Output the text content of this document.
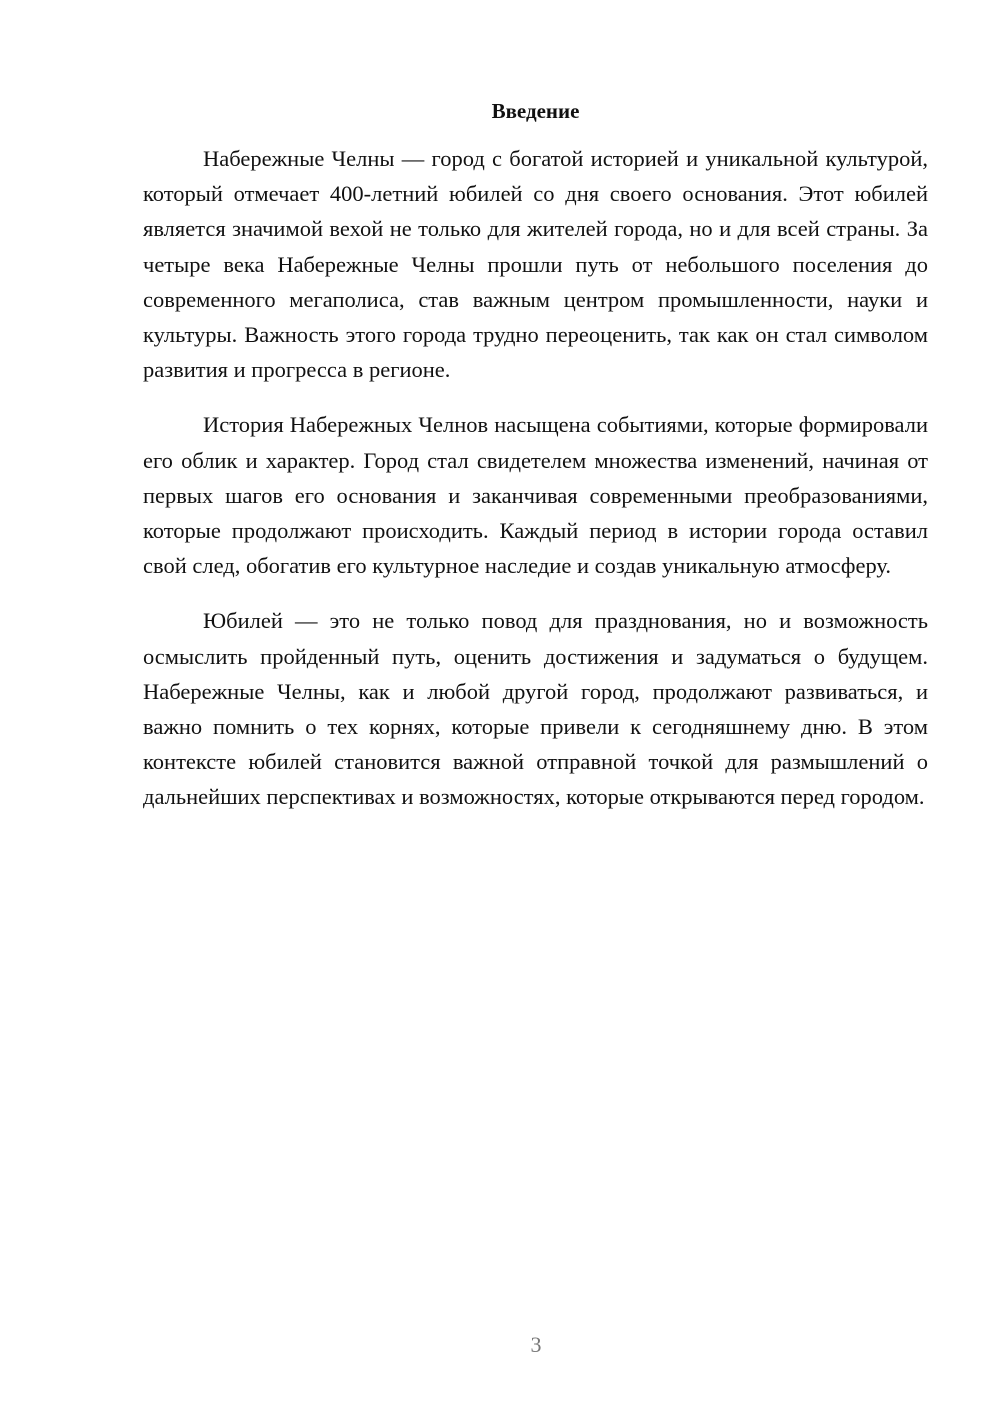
Введение

Набережные Челны — город с богатой историей и уникальной культурой, который отмечает 400-летний юбилей со дня своего основания. Этот юбилей является значимой вехой не только для жителей города, но и для всей страны. За четыре века Набережные Челны прошли путь от небольшого поселения до современного мегаполиса, став важным центром промышленности, науки и культуры. Важность этого города трудно переоценить, так как он стал символом развития и прогресса в регионе.

История Набережных Челнов насыщена событиями, которые формировали его облик и характер. Город стал свидетелем множества изменений, начиная от первых шагов его основания и заканчивая современными преобразованиями, которые продолжают происходить. Каждый период в истории города оставил свой след, обогатив его культурное наследие и создав уникальную атмосферу.

Юбилей — это не только повод для празднования, но и возможность осмыслить пройденный путь, оценить достижения и задуматься о будущем. Набережные Челны, как и любой другой город, продолжают развиваться, и важно помнить о тех корнях, которые привели к сегодняшнему дню. В этом контексте юбилей становится важной отправной точкой для размышлений о дальнейших перспективах и возможностях, которые открываются перед городом.

3
